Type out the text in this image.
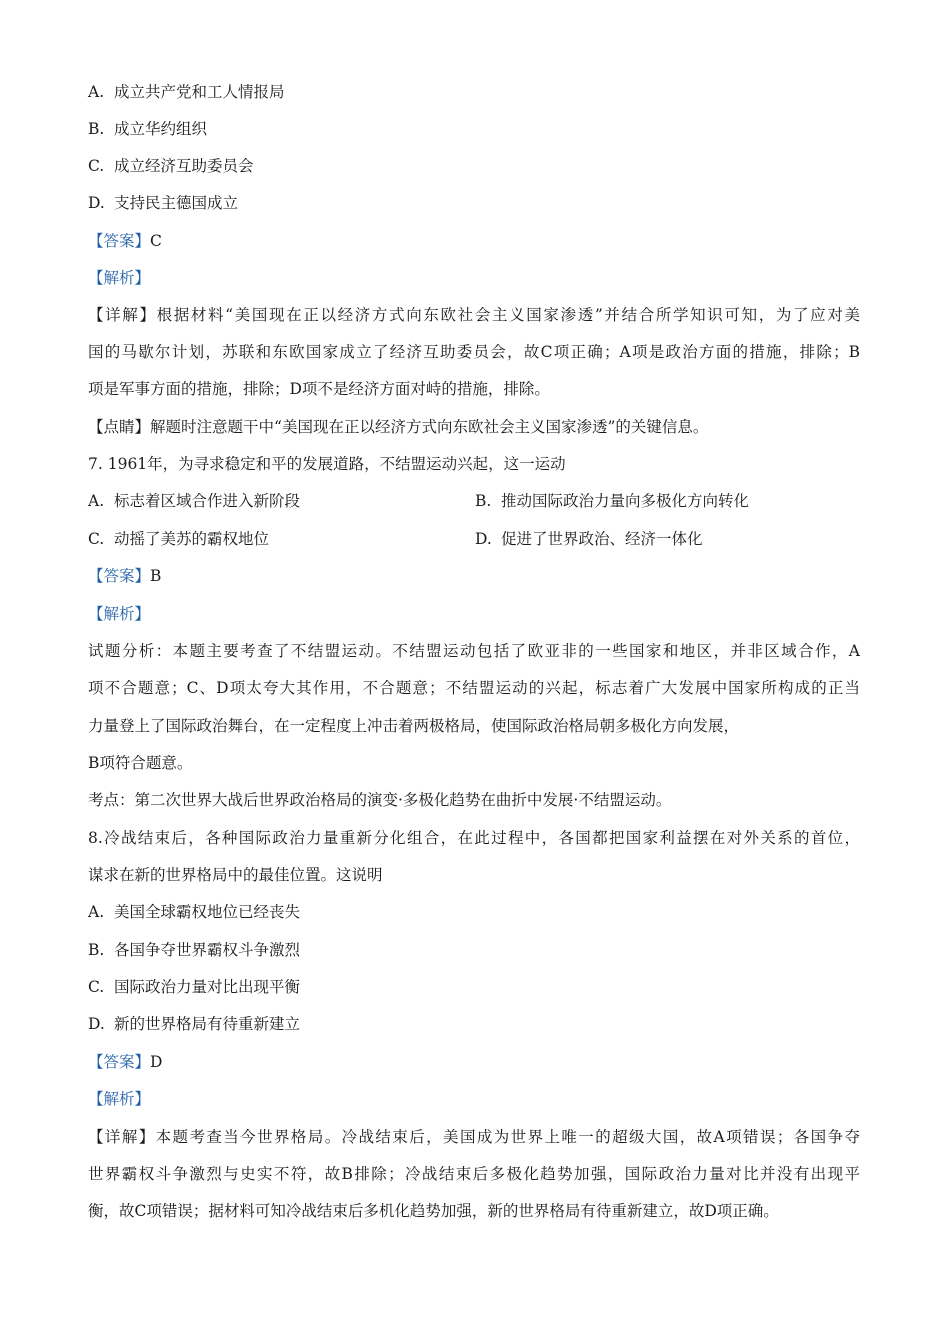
A. 成立共产党和工人情报局
B. 成立华约组织
C. 成立经济互助委员会
D. 支持民主德国成立
【答案】C
【解析】
【详解】根据材料“美国现在正以经济方式向东欧社会主义国家渗透”并结合所学知识可知，为了应对美
国的马歇尔计划，苏联和东欧国家成立了经济互助委员会，故C项正确；A项是政治方面的措施，排除；B
项是军事方面的措施，排除；D项不是经济方面对峙的措施，排除。
【点睛】解题时注意题干中“美国现在正以经济方式向东欧社会主义国家渗透”的关键信息。
7. 1961年，为寻求稳定和平的发展道路，不结盟运动兴起，这一运动
A. 标志着区域合作进入新阶段	B. 推动国际政治力量向多极化方向转化
C. 动摇了美苏的霸权地位	D. 促进了世界政治、经济一体化
【答案】B
【解析】
试题分析：本题主要考查了不结盟运动。不结盟运动包括了欧亚非的一些国家和地区，并非区域合作，A
项不合题意；C、D项太夸大其作用，不合题意；不结盟运动的兴起，标志着广大发展中国家所构成的正当
力量登上了国际政治舞台，在一定程度上冲击着两极格局，使国际政治格局朝多极化方向发展，
B项符合题意。
考点：第二次世界大战后世界政治格局的演变·多极化趋势在曲折中发展·不结盟运动。
8.冷战结束后，各种国际政治力量重新分化组合，在此过程中，各国都把国家利益摆在对外关系的首位，
谋求在新的世界格局中的最佳位置。这说明
A. 美国全球霸权地位已经丧失
B. 各国争夺世界霸权斗争激烈
C. 国际政治力量对比出现平衡
D. 新的世界格局有待重新建立
【答案】D
【解析】
【详解】本题考查当今世界格局。冷战结束后，美国成为世界上唯一的超级大国，故A项错误；各国争夺
世界霸权斗争激烈与史实不符，故B排除；冷战结束后多极化趋势加强，国际政治力量对比并没有出现平
衡，故C项错误；据材料可知冷战结束后多机化趋势加强，新的世界格局有待重新建立，故D项正确。
